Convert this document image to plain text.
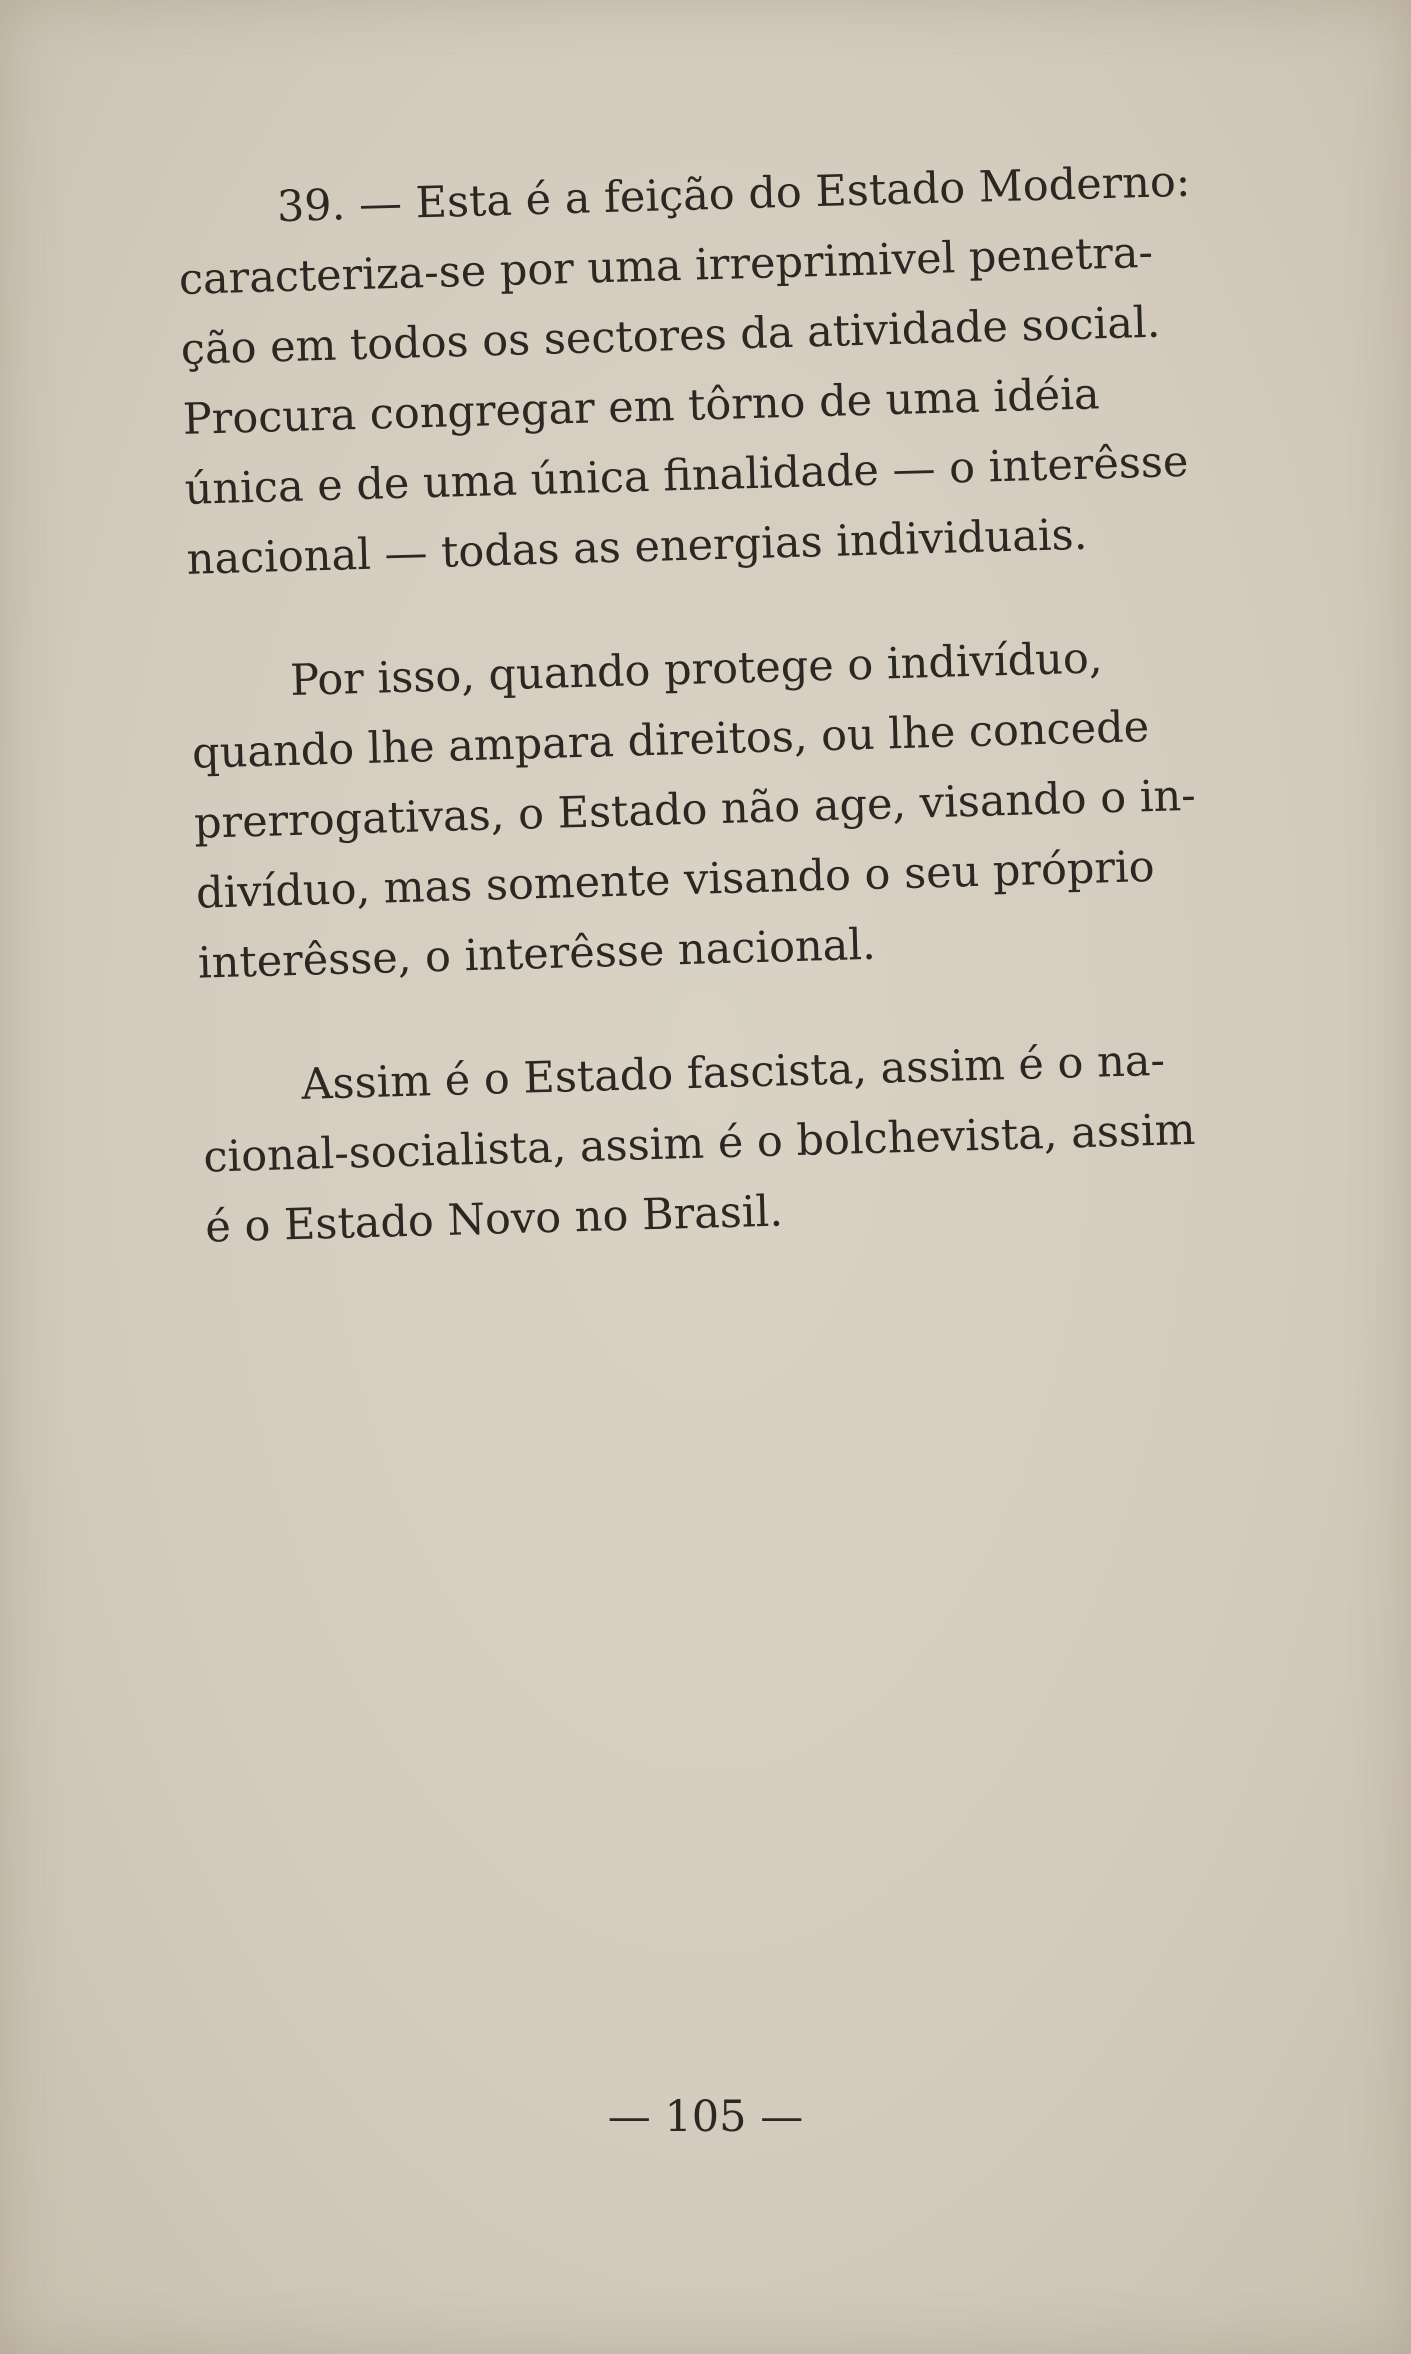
39. — Esta é a feição do Estado Moderno:
caracteriza-se por uma irreprimivel penetra-
ção em todos os sectores da atividade social.
Procura congregar em tôrno de uma idéia
única e de uma única finalidade — o interêsse
nacional — todas as energias individuais.

Por isso, quando protege o indivíduo,
quando lhe ampara direitos, ou lhe concede
prerrogativas, o Estado não age, visando o in-
divíduo, mas somente visando o seu próprio
interêsse, o interêsse nacional.

Assim é o Estado fascista, assim é o na-
cional-socialista, assim é o bolchevista, assim
é o Estado Novo no Brasil.

— 105 —
